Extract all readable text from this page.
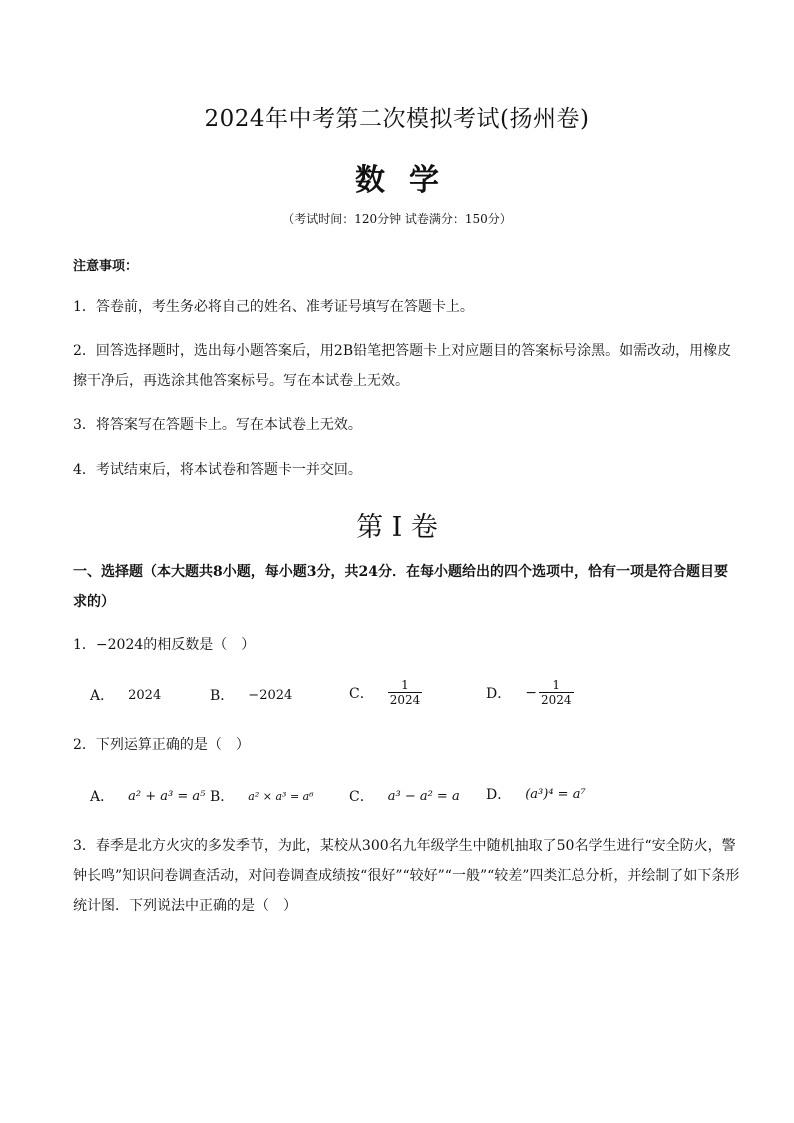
2024年中考第二次模拟考试(扬州卷)
数学
（考试时间：120分钟 试卷满分：150分）
注意事项：
1．答卷前，考生务必将自己的姓名、准考证号填写在答题卡上。
2．回答选择题时，选出每小题答案后，用2B铅笔把答题卡上对应题目的答案标号涂黑。如需改动，用橡皮擦干净后，再选涂其他答案标号。写在本试卷上无效。
3．将答案写在答题卡上。写在本试卷上无效。
4．考试结束后，将本试卷和答题卡一并交回。
第 I 卷
一、选择题（本大题共8小题，每小题3分，共24分．在每小题给出的四个选项中，恰有一项是符合题目要求的）
1．−2024的相反数是（　）
A． 2024	B． −2024	C． $\frac{1}{2024}$	D． − $\frac{1}{2024}$
2．下列运算正确的是（　）
A． a² + a³ = a⁵ B． a² × a³ = a⁶	C． a³ − a² = a D． (a³)⁴ = a⁷
3．春季是北方火灾的多发季节，为此，某校从300名九年级学生中随机抽取了50名学生进行“安全防火，警钟长鸣”知识问卷调查活动，对问卷调查成绩按“很好”“较好”“一般”“较差”四类汇总分析，并绘制了如下条形统计图．下列说法中正确的是（　）
